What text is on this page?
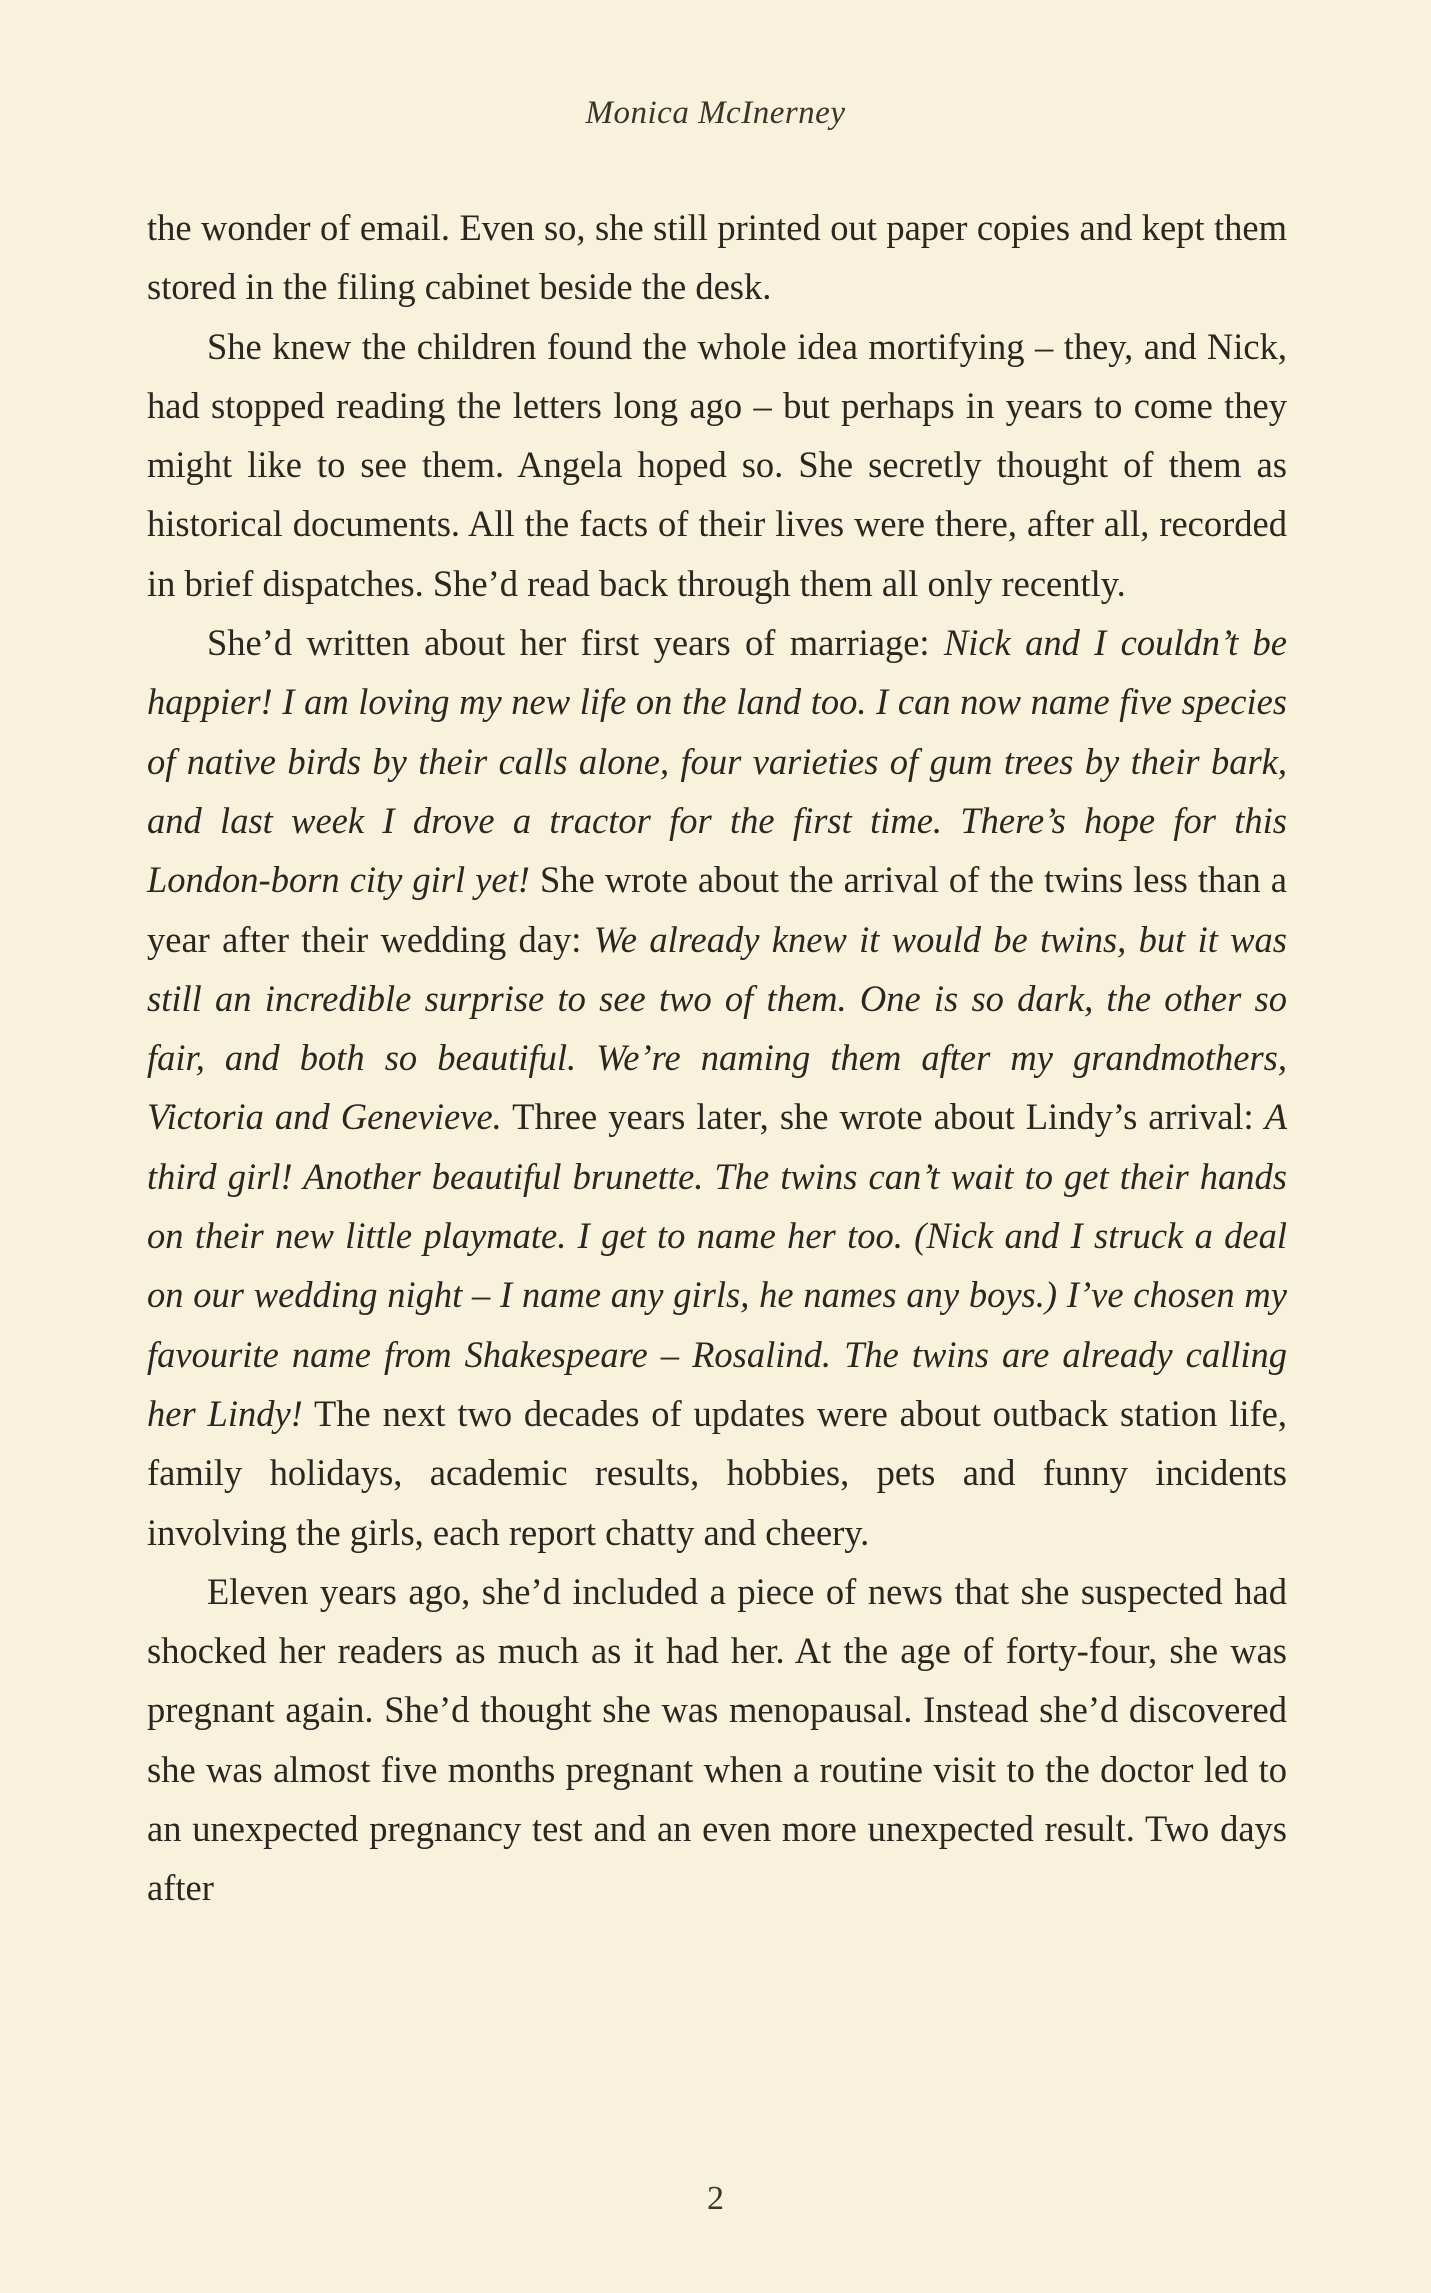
Monica McInerney

the wonder of email. Even so, she still printed out paper copies and kept them stored in the filing cabinet beside the desk.

She knew the children found the whole idea mortifying – they, and Nick, had stopped reading the letters long ago – but perhaps in years to come they might like to see them. Angela hoped so. She secretly thought of them as historical documents. All the facts of their lives were there, after all, recorded in brief dispatches. She’d read back through them all only recently.

She’d written about her first years of marriage: Nick and I couldn’t be happier! I am loving my new life on the land too. I can now name five species of native birds by their calls alone, four varieties of gum trees by their bark, and last week I drove a tractor for the first time. There’s hope for this London-born city girl yet! She wrote about the arrival of the twins less than a year after their wedding day: We already knew it would be twins, but it was still an incredible surprise to see two of them. One is so dark, the other so fair, and both so beautiful. We’re naming them after my grandmothers, Victoria and Genevieve. Three years later, she wrote about Lindy’s arrival: A third girl! Another beautiful brunette. The twins can’t wait to get their hands on their new little playmate. I get to name her too. (Nick and I struck a deal on our wedding night – I name any girls, he names any boys.) I’ve chosen my favourite name from Shakespeare – Rosalind. The twins are already calling her Lindy! The next two decades of updates were about outback station life, family holidays, academic results, hobbies, pets and funny incidents involving the girls, each report chatty and cheery.

Eleven years ago, she’d included a piece of news that she suspected had shocked her readers as much as it had her. At the age of forty-four, she was pregnant again. She’d thought she was menopausal. Instead she’d discovered she was almost five months pregnant when a routine visit to the doctor led to an unexpected pregnancy test and an even more unexpected result. Two days after

2
